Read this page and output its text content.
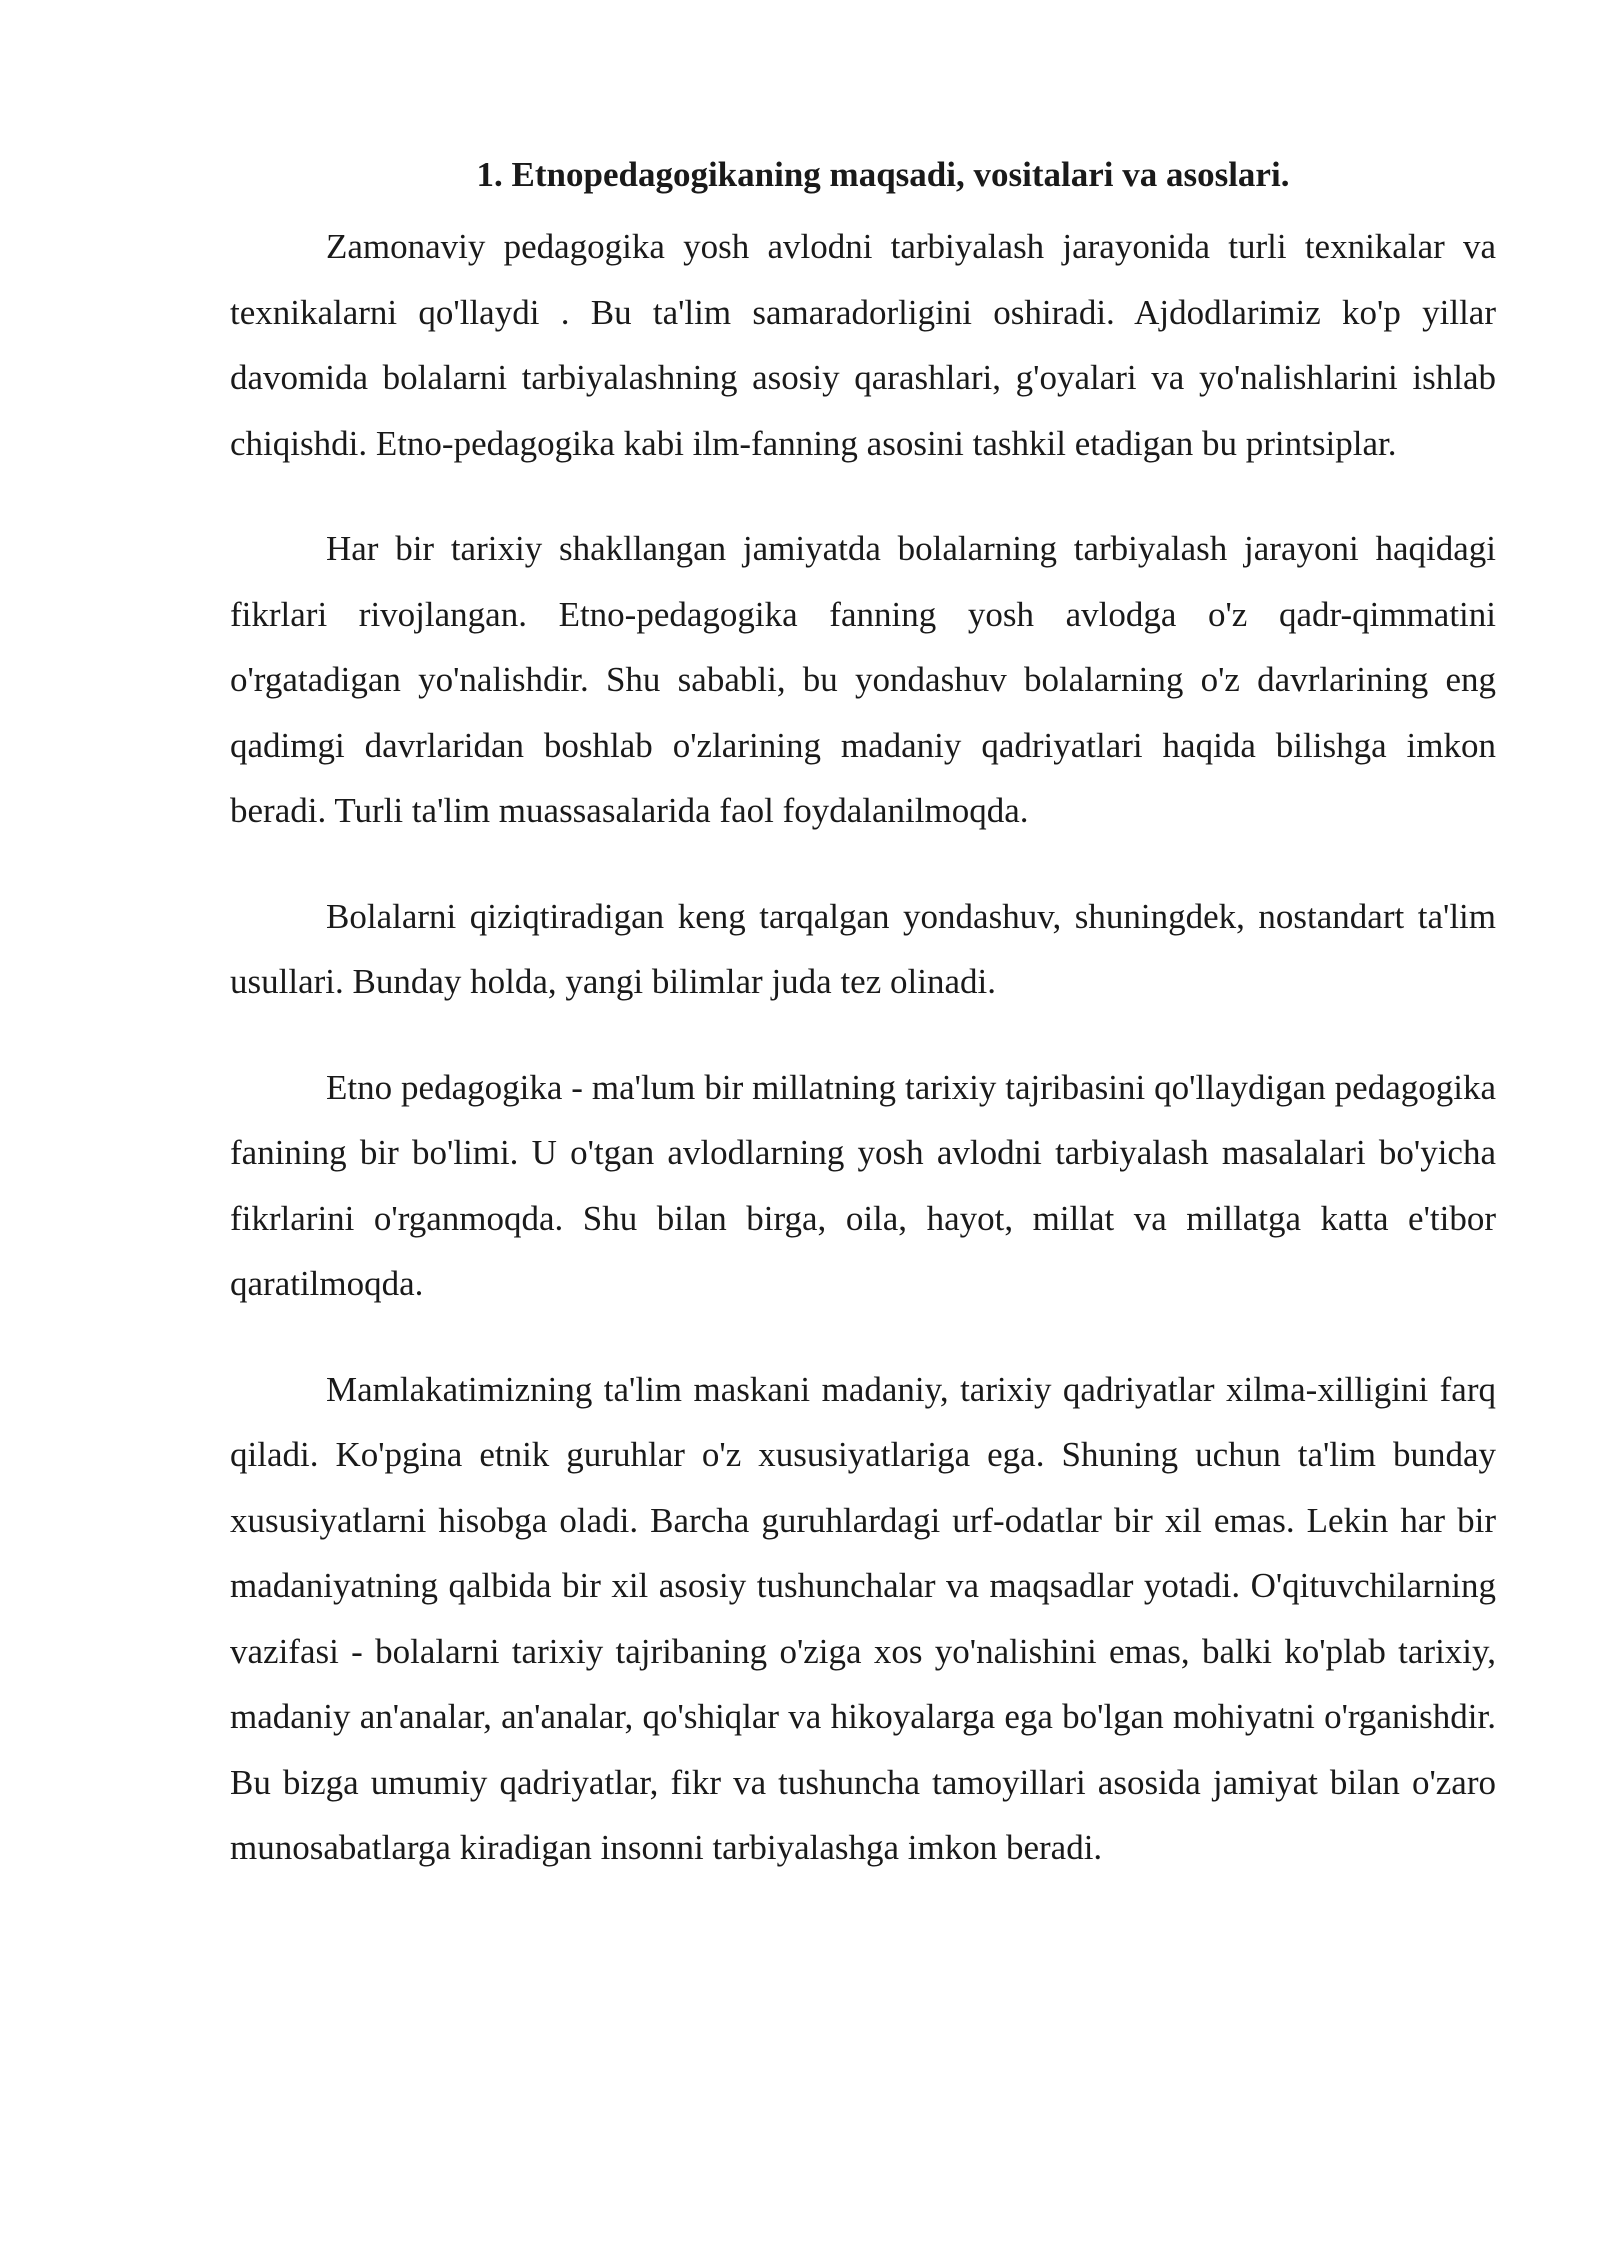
1. Etnopedagogikaning maqsadi, vositalari va asoslari.

Zamonaviy pedagogika yosh avlodni tarbiyalash jarayonida turli texnikalar va texnikalarni qo'llaydi . Bu ta'lim samaradorligini oshiradi. Ajdodlarimiz ko'p yillar davomida bolalarni tarbiyalashning asosiy qarashlari, g'oyalari va yo'nalishlarini ishlab chiqishdi. Etno-pedagogika kabi ilm-fanning asosini tashkil etadigan bu printsiplar.

Har bir tarixiy shakllangan jamiyatda bolalarning tarbiyalash jarayoni haqidagi fikrlari rivojlangan. Etno-pedagogika fanning yosh avlodga o'z qadr-qimmatini o'rgatadigan yo'nalishdir. Shu sababli, bu yondashuv bolalarning o'z davrlarining eng qadimgi davrlaridan boshlab o'zlarining madaniy qadriyatlari haqida bilishga imkon beradi. Turli ta'lim muassasalarida faol foydalanilmoqda.

Bolalarni qiziqtiradigan keng tarqalgan yondashuv, shuningdek, nostandart ta'lim usullari. Bunday holda, yangi bilimlar juda tez olinadi.

Etno pedagogika - ma'lum bir millatning tarixiy tajribasini qo'llaydigan pedagogika fanining bir bo'limi. U o'tgan avlodlarning yosh avlodni tarbiyalash masalalari bo'yicha fikrlarini o'rganmoqda. Shu bilan birga, oila, hayot, millat va millatga katta e'tibor qaratilmoqda.

Mamlakatimizning ta'lim maskani madaniy, tarixiy qadriyatlar xilma-xilligini farq qiladi. Ko'pgina etnik guruhlar o'z xususiyatlariga ega. Shuning uchun ta'lim bunday xususiyatlarni hisobga oladi. Barcha guruhlardagi urf-odatlar bir xil emas. Lekin har bir madaniyatning qalbida bir xil asosiy tushunchalar va maqsadlar yotadi. O'qituvchilarning vazifasi - bolalarni tarixiy tajribaning o'ziga xos yo'nalishini emas, balki ko'plab tarixiy, madaniy an'analar, an'analar, qo'shiqlar va hikoyalarga ega bo'lgan mohiyatni o'rganishdir. Bu bizga umumiy qadriyatlar, fikr va tushuncha tamoyillari asosida jamiyat bilan o'zaro munosabatlarga kiradigan insonni tarbiyalashga imkon beradi.
